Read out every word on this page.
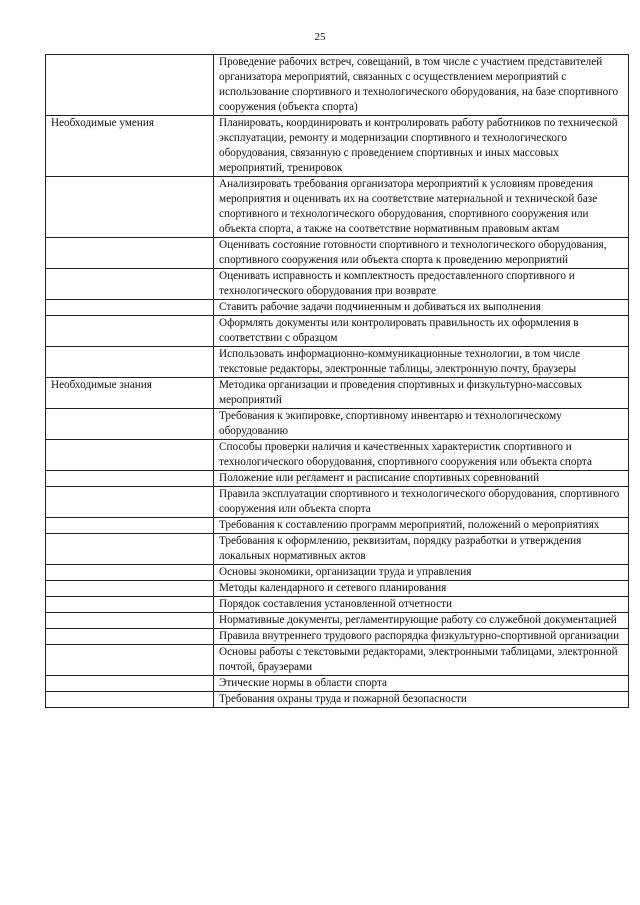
25
	Проведение рабочих встреч, совещаний, в том числе с участием представителей организатора мероприятий, связанных с осуществлением мероприятий с использование спортивного и технологического оборудования, на базе спортивного сооружения (объекта спорта)
Необходимые умения	Планировать, координировать и контролировать работу работников по технической эксплуатации, ремонту и модернизации спортивного и технологического оборудования, связанную с проведением спортивных и иных массовых мероприятий, тренировок
	Анализировать требования организатора мероприятий к условиям проведения мероприятия и оценивать их на соответствие материальной и технической базе спортивного и технологического оборудования, спортивного сооружения или объекта спорта, а также на соответствие нормативным правовым актам
	Оценивать состояние готовности спортивного и технологического оборудования, спортивного сооружения или объекта спорта к проведению мероприятий
	Оценивать исправность и комплектность предоставленного спортивного и технологического оборудования при возврате
	Ставить рабочие задачи подчиненным и добиваться их выполнения
	Оформлять документы или контролировать правильность их оформления в соответствии с образцом
	Использовать информационно-коммуникационные технологии, в том числе текстовые редакторы, электронные таблицы, электронную почту, браузеры
Необходимые знания	Методика организации и проведения спортивных и физкультурно-массовых мероприятий
	Требования к экипировке, спортивному инвентарю и технологическому оборудованию
	Способы проверки наличия и качественных характеристик спортивного и технологического оборудования, спортивного сооружения или объекта спорта
	Положение или регламент и расписание спортивных соревнований
	Правила эксплуатации спортивного и технологического оборудования, спортивного сооружения или объекта спорта
	Требования к составлению программ мероприятий, положений о мероприятиях
	Требования к оформлению, реквизитам, порядку разработки и утверждения локальных нормативных актов
	Основы экономики, организации труда и управления
	Методы календарного и сетевого планирования
	Порядок составления установленной отчетности
	Нормативные документы, регламентирующие работу со служебной документацией
	Правила внутреннего трудового распорядка физкультурно-спортивной организации
	Основы работы с текстовыми редакторами, электронными таблицами, электронной почтой, браузерами
	Этические нормы в области спорта
	Требования охраны труда и пожарной безопасности
